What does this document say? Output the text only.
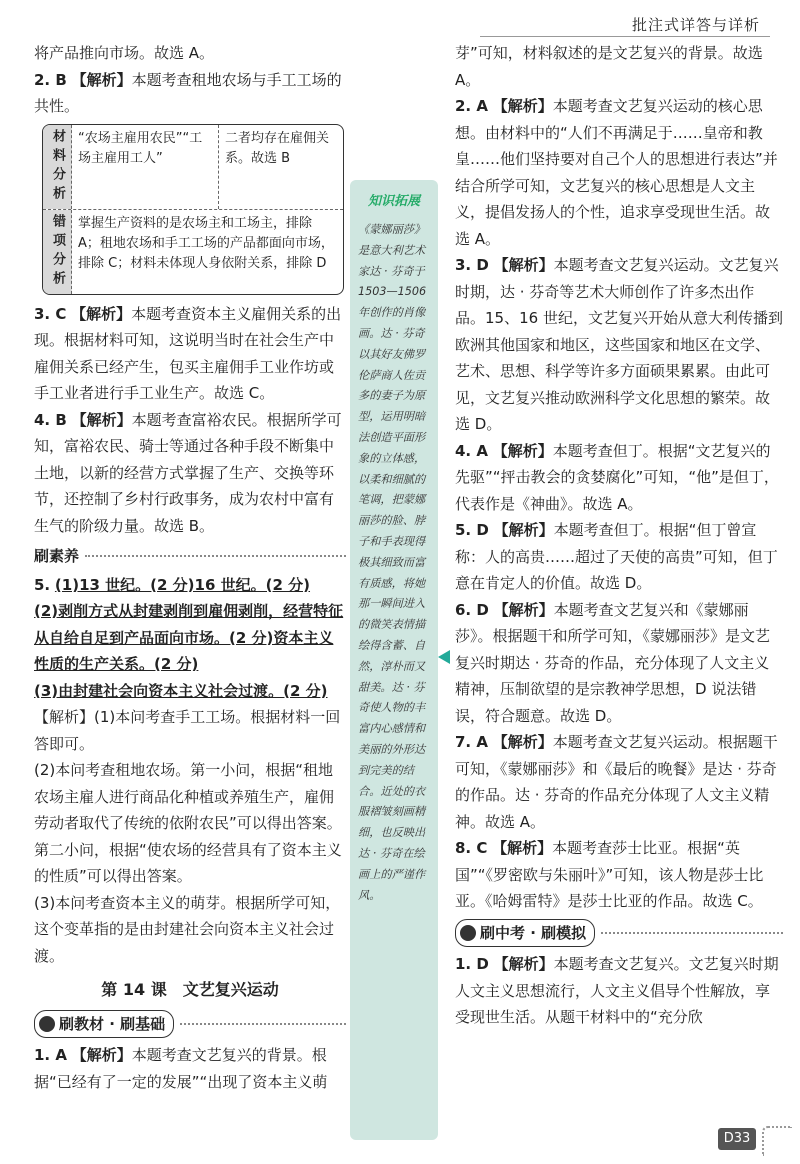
批注式详答与详析

将产品推向市场。故选 A。

2. B 【解析】本题考查租地农场与手工工场的共性。

材料分析	“农场主雇用农民”“工场主雇用工人”
二者均存在雇佣关系。故选 B
错项分析	掌握生产资料的是农场主和工场主，排除 A；租地农场和手工工场的产品都面向市场，排除 C；材料未体现人身依附关系，排除 D

3. C 【解析】本题考查资本主义雇佣关系的出现。根据材料可知，这说明当时在社会生产中雇佣关系已经产生，包买主雇佣手工业作坊或手工业者进行手工业生产。故选 C。

4. B 【解析】本题考查富裕农民。根据所学可知，富裕农民、骑士等通过各种手段不断集中土地，以新的经营方式掌握了生产、交换等环节，还控制了乡村行政事务，成为农村中富有生气的阶级力量。故选 B。

刷素养

5. (1)13 世纪。(2 分)16 世纪。(2 分)

(2)剥削方式从封建剥削到雇佣剥削，经营特征从自给自足到产品面向市场。(2 分)资本主义性质的生产关系。(2 分)

(3)由封建社会向资本主义社会过渡。(2 分)

【解析】(1)本问考查手工工场。根据材料一回答即可。

(2)本问考查租地农场。第一小问，根据“租地农场主雇人进行商品化种植或养殖生产，雇佣劳动者取代了传统的依附农民”可以得出答案。第二小问，根据“使农场的经营具有了资本主义的性质”可以得出答案。

(3)本问考查资本主义的萌芽。根据所学可知，这个变革指的是由封建社会向资本主义社会过渡。

第 14 课　文艺复兴运动
刷教材 · 刷基础

1. A 【解析】本题考查文艺复兴的背景。根据“已经有了一定的发展”“出现了资本主义萌

知识拓展
《蒙娜丽莎》是意大利艺术家达 · 芬奇于 1503—1506 年创作的肖像画。达 · 芬奇以其好友佛罗伦萨商人佐贡多的妻子为原型，运用明暗法创造平面形象的立体感，以柔和细腻的笔调，把蒙娜丽莎的脸、脖子和手表现得极其细致而富有质感，将她那一瞬间进入的微笑表情描绘得含蓄、自然，淳朴而又甜美。达 · 芬奇使人物的丰富内心感情和美丽的外形达到完美的结合。近处的衣服褶皱刻画精细，也反映出达 · 芬奇在绘画上的严谨作风。

芽”可知，材料叙述的是文艺复兴的背景。故选 A。

2. A 【解析】本题考查文艺复兴运动的核心思想。由材料中的“人们不再满足于……皇帝和教皇……他们坚持要对自己个人的思想进行表达”并结合所学可知，文艺复兴的核心思想是人文主义，提倡发扬人的个性，追求享受现世生活。故选 A。

3. D 【解析】本题考查文艺复兴运动。文艺复兴时期，达 · 芬奇等艺术大师创作了许多杰出作品。15、16 世纪，文艺复兴开始从意大利传播到欧洲其他国家和地区，这些国家和地区在文学、艺术、思想、科学等许多方面硕果累累。由此可见，文艺复兴推动欧洲科学文化思想的繁荣。故选 D。

4. A 【解析】本题考查但丁。根据“文艺复兴的先驱”“抨击教会的贪婪腐化”可知，“他”是但丁，代表作是《神曲》。故选 A。

5. D 【解析】本题考查但丁。根据“但丁曾宣称：人的高贵……超过了天使的高贵”可知，但丁意在肯定人的价值。故选 D。

6. D 【解析】本题考查文艺复兴和《蒙娜丽莎》。根据题干和所学可知，《蒙娜丽莎》是文艺复兴时期达 · 芬奇的作品，充分体现了人文主义精神，压制欲望的是宗教神学思想，D 说法错误，符合题意。故选 D。

7. A 【解析】本题考查文艺复兴运动。根据题干可知，《蒙娜丽莎》和《最后的晚餐》是达 · 芬奇的作品。达 · 芬奇的作品充分体现了人文主义精神。故选 A。

8. C 【解析】本题考查莎士比亚。根据“英国”“《罗密欧与朱丽叶》”可知，该人物是莎士比亚。《哈姆雷特》是莎士比亚的作品。故选 C。

刷中考 · 刷模拟

1. D 【解析】本题考查文艺复兴。文艺复兴时期人文主义思想流行，人文主义倡导个性解放，享受现世生活。从题干材料中的“充分欣

D33
